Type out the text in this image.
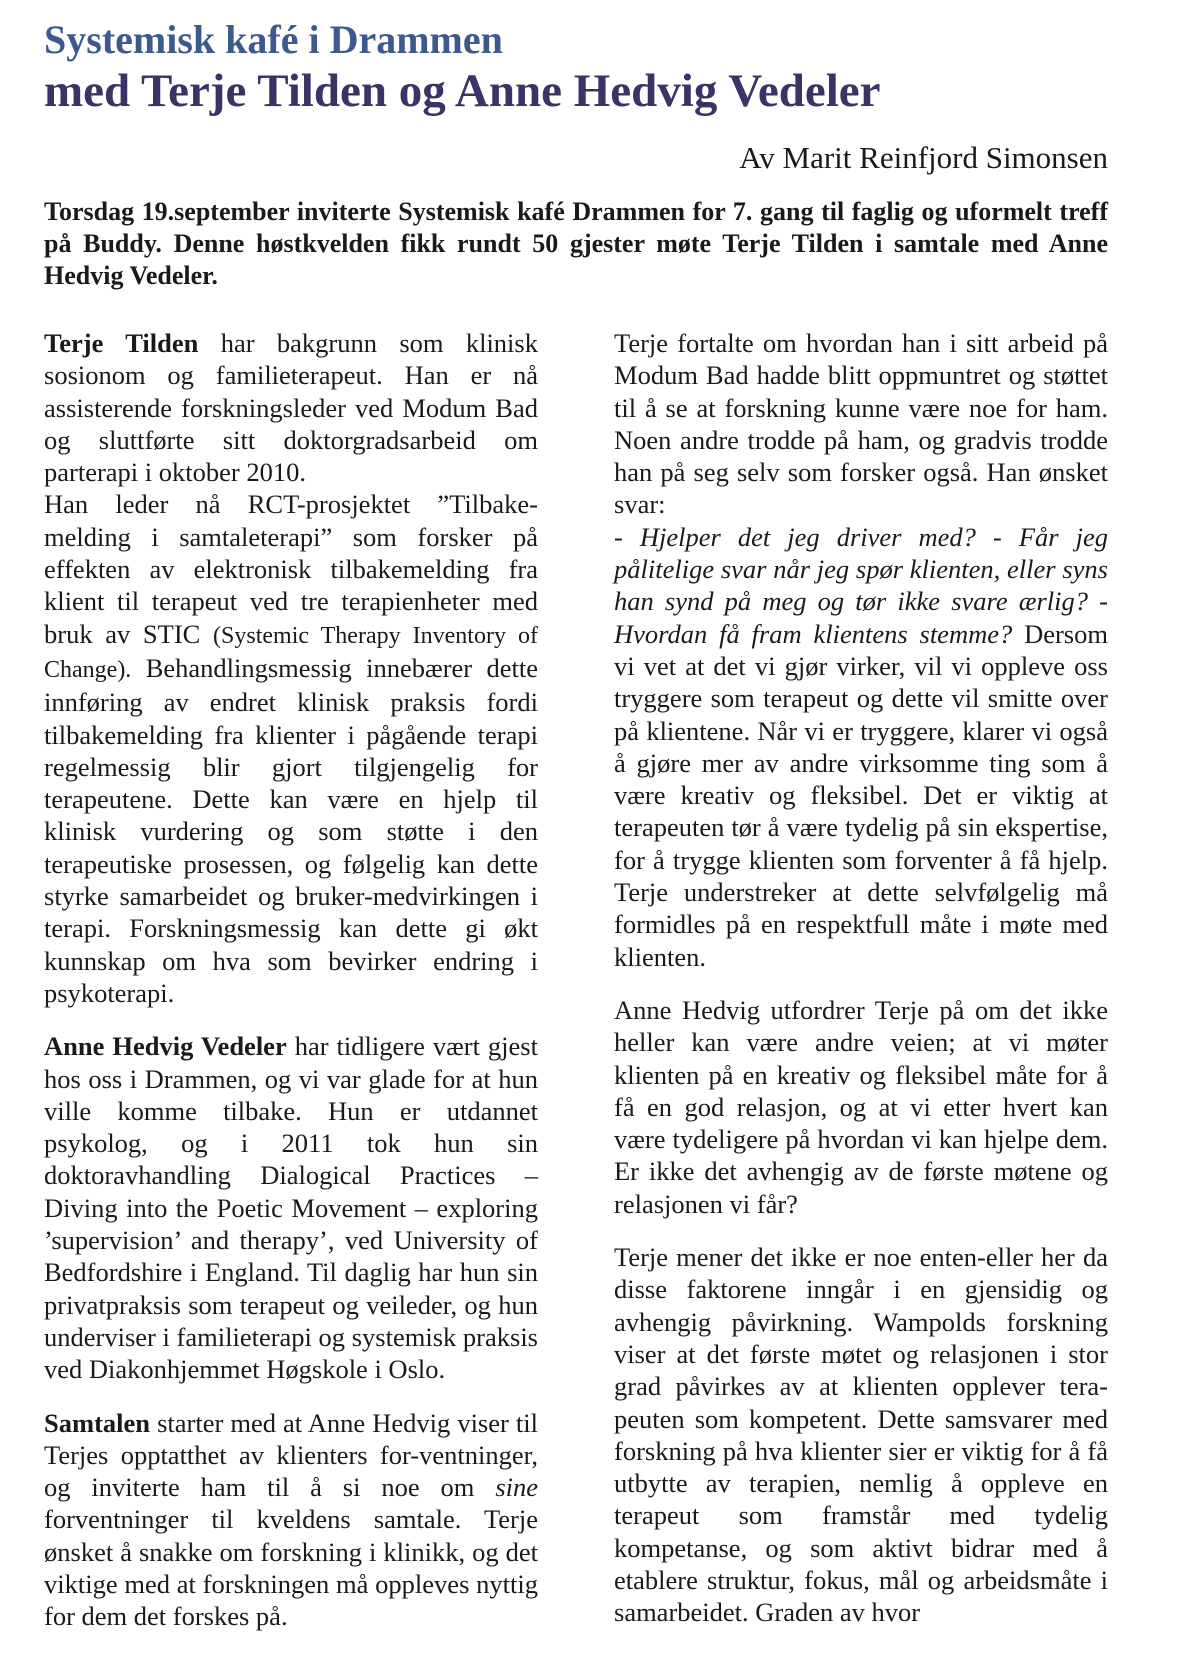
Systemisk kafé i Drammen
med Terje Tilden og Anne Hedvig Vedeler
Av Marit Reinfjord Simonsen

Torsdag 19.september inviterte Systemisk kafé Drammen for 7. gang til faglig og uformelt treff på Buddy. Denne høstkvelden fikk rundt 50 gjester møte Terje Tilden i samtale med Anne Hedvig Vedeler.

Terje Tilden har bakgrunn som klinisk sosionom og familieterapeut. Han er nå assisterende forskningsleder ved Modum Bad og sluttførte sitt doktorgradsarbeid om parterapi i oktober 2010.

Han leder nå RCT-prosjektet ”Tilbake-melding i samtaleterapi” som forsker på effekten av elektronisk tilbakemelding fra klient til terapeut ved tre terapienheter med bruk av STIC (Systemic Therapy Inventory of Change). Behandlingsmessig innebærer dette innføring av endret klinisk praksis fordi tilbakemelding fra klienter i pågående terapi regelmessig blir gjort tilgjengelig for terapeutene. Dette kan være en hjelp til klinisk vurdering og som støtte i den terapeutiske prosessen, og følgelig kan dette styrke samarbeidet og bruker-medvirkingen i terapi. Forskningsmessig kan dette gi økt kunnskap om hva som bevirker endring i psykoterapi.

Anne Hedvig Vedeler har tidligere vært gjest hos oss i Drammen, og vi var glade for at hun ville komme tilbake. Hun er utdannet psykolog, og i 2011 tok hun sin doktoravhandling Dialogical Practices – Diving into the Poetic Movement – exploring ’supervision’ and therapy’, ved University of Bedfordshire i England. Til daglig har hun sin privatpraksis som terapeut og veileder, og hun underviser i familieterapi og systemisk praksis ved Diakonhjemmet Høgskole i Oslo.

Samtalen starter med at Anne Hedvig viser til Terjes opptatthet av klienters for-ventninger, og inviterte ham til å si noe om sine forventninger til kveldens samtale. Terje ønsket å snakke om forskning i klinikk, og det viktige med at forskningen må oppleves nyttig for dem det forskes på.

Terje fortalte om hvordan han i sitt arbeid på Modum Bad hadde blitt oppmuntret og støttet til å se at forskning kunne være noe for ham. Noen andre trodde på ham, og gradvis trodde han på seg selv som forsker også. Han ønsket svar:
- Hjelper det jeg driver med? - Får jeg pålitelige svar når jeg spør klienten, eller syns han synd på meg og tør ikke svare ærlig? - Hvordan få fram klientens stemme? Dersom vi vet at det vi gjør virker, vil vi oppleve oss tryggere som terapeut og dette vil smitte over på klientene. Når vi er tryggere, klarer vi også å gjøre mer av andre virksomme ting som å være kreativ og fleksibel. Det er viktig at terapeuten tør å være tydelig på sin ekspertise, for å trygge klienten som forventer å få hjelp. Terje understreker at dette selvfølgelig må formidles på en respektfull måte i møte med klienten.

Anne Hedvig utfordrer Terje på om det ikke heller kan være andre veien; at vi møter klienten på en kreativ og fleksibel måte for å få en god relasjon, og at vi etter hvert kan være tydeligere på hvordan vi kan hjelpe dem. Er ikke det avhengig av de første møtene og relasjonen vi får?

Terje mener det ikke er noe enten-eller her da disse faktorene inngår i en gjensidig og avhengig påvirkning. Wampolds forskning viser at det første møtet og relasjonen i stor grad påvirkes av at klienten opplever tera-peuten som kompetent. Dette samsvarer med forskning på hva klienter sier er viktig for å få utbytte av terapien, nemlig å oppleve en terapeut som framstår med tydelig kompetanse, og som aktivt bidrar med å etablere struktur, fokus, mål og arbeidsmåte i samarbeidet. Graden av hvor
